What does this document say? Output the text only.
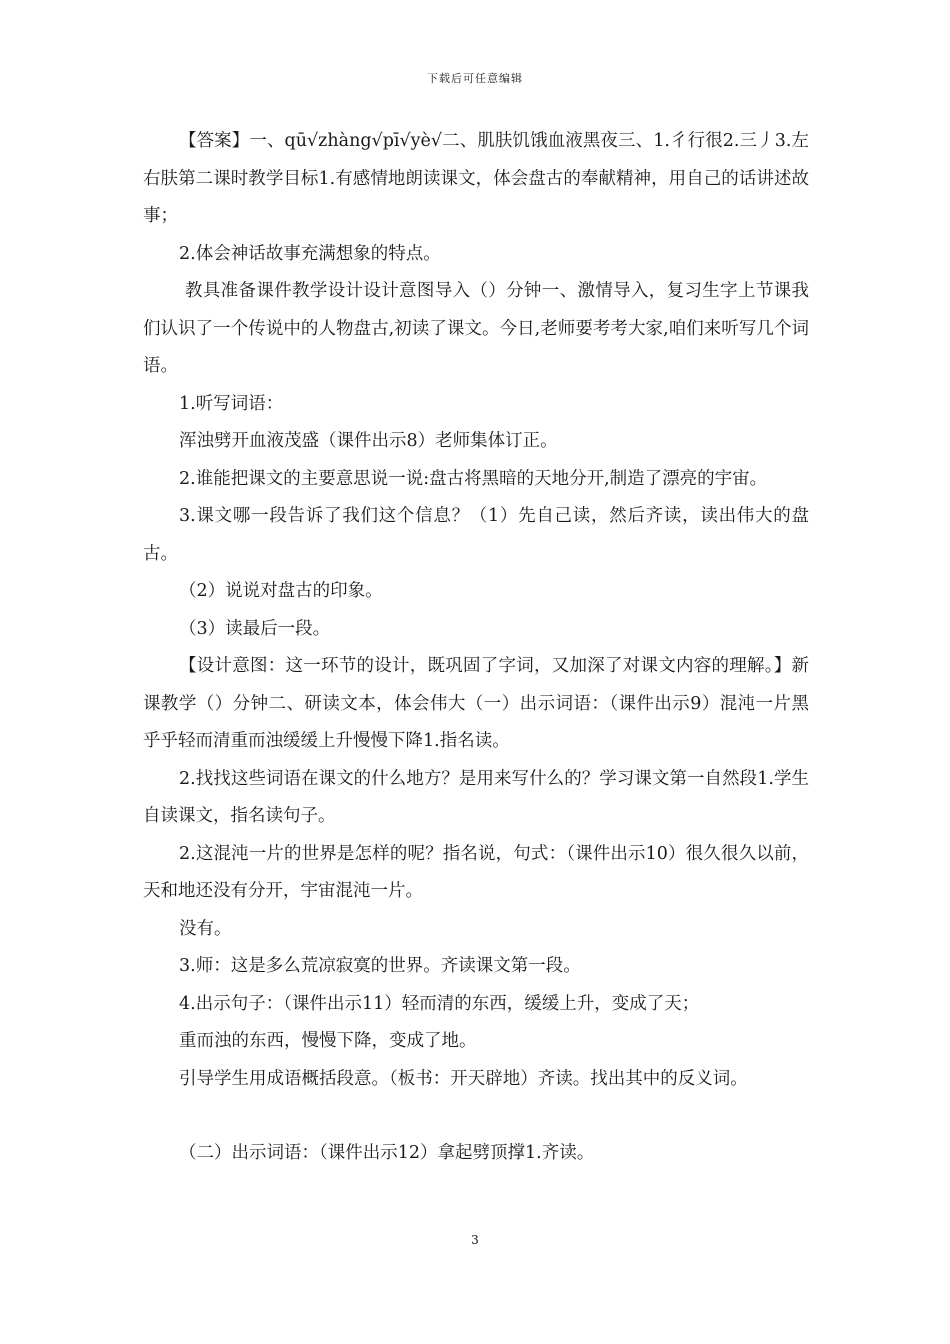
下载后可任意编辑

【答案】一、qū√zhàng√pī√yè√二、肌肤饥饿血液黑夜三、1.彳行很2.三丿3.左右肤第二课时教学目标1.有感情地朗读课文，体会盘古的奉献精神，用自己的话讲述故事；

2.体会神话故事充满想象的特点。

教具准备课件教学设计设计意图导入（）分钟一、激情导入，复习生字上节课我们认识了一个传说中的人物盘古,初读了课文。今日,老师要考考大家,咱们来听写几个词语。

1.听写词语：

浑浊劈开血液茂盛（课件出示8）老师集体订正。

2.谁能把课文的主要意思说一说:盘古将黑暗的天地分开,制造了漂亮的宇宙。

3.课文哪一段告诉了我们这个信息？（1）先自己读，然后齐读，读出伟大的盘古。

（2）说说对盘古的印象。

（3）读最后一段。

【设计意图：这一环节的设计，既巩固了字词，又加深了对课文内容的理解。】新课教学（）分钟二、研读文本，体会伟大（一）出示词语：（课件出示9）混沌一片黑乎乎轻而清重而浊缓缓上升慢慢下降1.指名读。

2.找找这些词语在课文的什么地方？是用来写什么的？学习课文第一自然段1.学生自读课文，指名读句子。

2.这混沌一片的世界是怎样的呢？指名说，句式：（课件出示10）很久很久以前，天和地还没有分开，宇宙混沌一片。

没有。

3.师：这是多么荒凉寂寞的世界。齐读课文第一段。

4.出示句子：（课件出示11）轻而清的东西，缓缓上升，变成了天；

重而浊的东西，慢慢下降，变成了地。

引导学生用成语概括段意。（板书：开天辟地）齐读。找出其中的反义词。

（二）出示词语：（课件出示12）拿起劈顶撑1.齐读。

3
